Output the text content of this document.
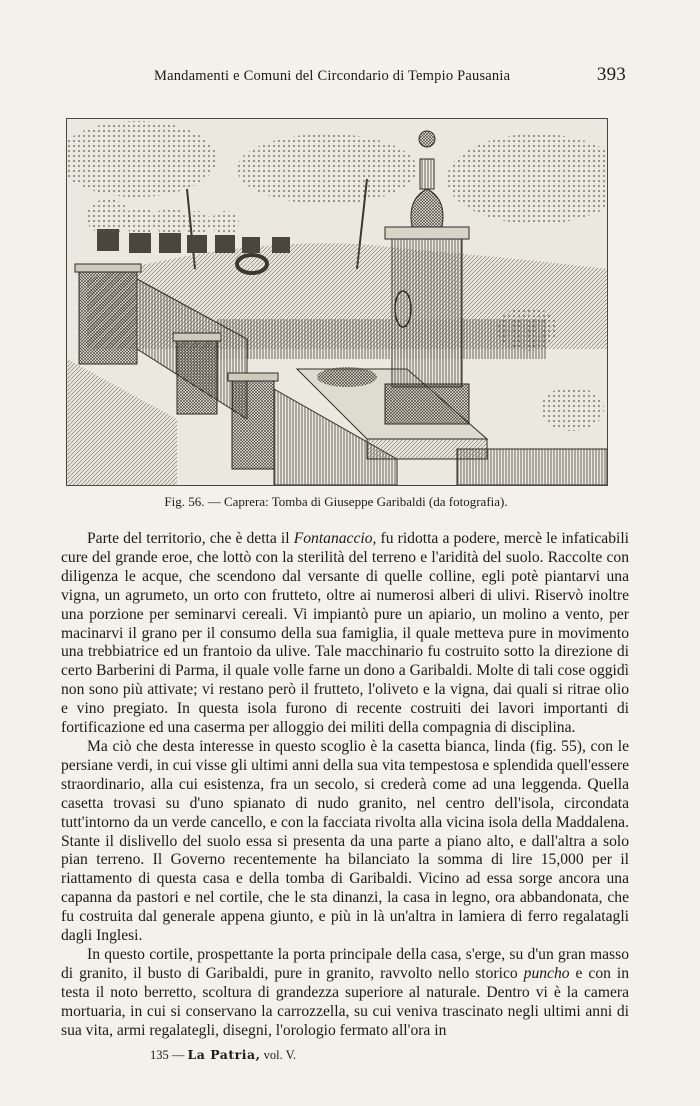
Mandamenti e Comuni del Circondario di Tempio Pausania	393
Fig. 56. — Caprera: Tomba di Giuseppe Garibaldi (da fotografia).

Parte del territorio, che è detta il Fontanaccio, fu ridotta a podere, mercè le infaticabili cure del grande eroe, che lottò con la sterilità del terreno e l'aridità del suolo. Raccolte con diligenza le acque, che scendono dal versante di quelle colline, egli potè piantarvi una vigna, un agrumeto, un orto con frutteto, oltre ai numerosi alberi di ulivi. Riservò inoltre una porzione per seminarvi cereali. Vi impiantò pure un apiario, un molino a vento, per macinarvi il grano per il consumo della sua famiglia, il quale metteva pure in movimento una trebbiatrice ed un frantoio da ulive. Tale macchinario fu costruito sotto la direzione di certo Barberini di Parma, il quale volle farne un dono a Garibaldi. Molte di tali cose oggidì non sono più attivate; vi restano però il frutteto, l'oliveto e la vigna, dai quali si ritrae olio e vino pregiato. In questa isola furono di recente costruiti dei lavori importanti di fortificazione ed una caserma per alloggio dei militi della compagnia di disciplina.

Ma ciò che desta interesse in questo scoglio è la casetta bianca, linda (fig. 55), con le persiane verdi, in cui visse gli ultimi anni della sua vita tempestosa e splendida quell'essere straordinario, alla cui esistenza, fra un secolo, si crederà come ad una leggenda. Quella casetta trovasi su d'uno spianato di nudo granito, nel centro dell'isola, circondata tutt'intorno da un verde cancello, e con la facciata rivolta alla vicina isola della Maddalena. Stante il dislivello del suolo essa si presenta da una parte a piano alto, e dall'altra a solo pian terreno. Il Governo recentemente ha bilanciato la somma di lire 15,000 per il riattamento di questa casa e della tomba di Garibaldi. Vicino ad essa sorge ancora una capanna da pastori e nel cortile, che le sta dinanzi, la casa in legno, ora abbandonata, che fu costruita dal generale appena giunto, e più in là un'altra in lamiera di ferro regalatagli dagli Inglesi.

In questo cortile, prospettante la porta principale della casa, s'erge, su d'un gran masso di granito, il busto di Garibaldi, pure in granito, ravvolto nello storico puncho e con in testa il noto berretto, scoltura di grandezza superiore al naturale. Dentro vi è la camera mortuaria, in cui si conservano la carrozzella, su cui veniva trascinato negli ultimi anni di sua vita, armi regalategli, disegni, l'orologio fermato all'ora in

135 — La Patria, vol. V.
